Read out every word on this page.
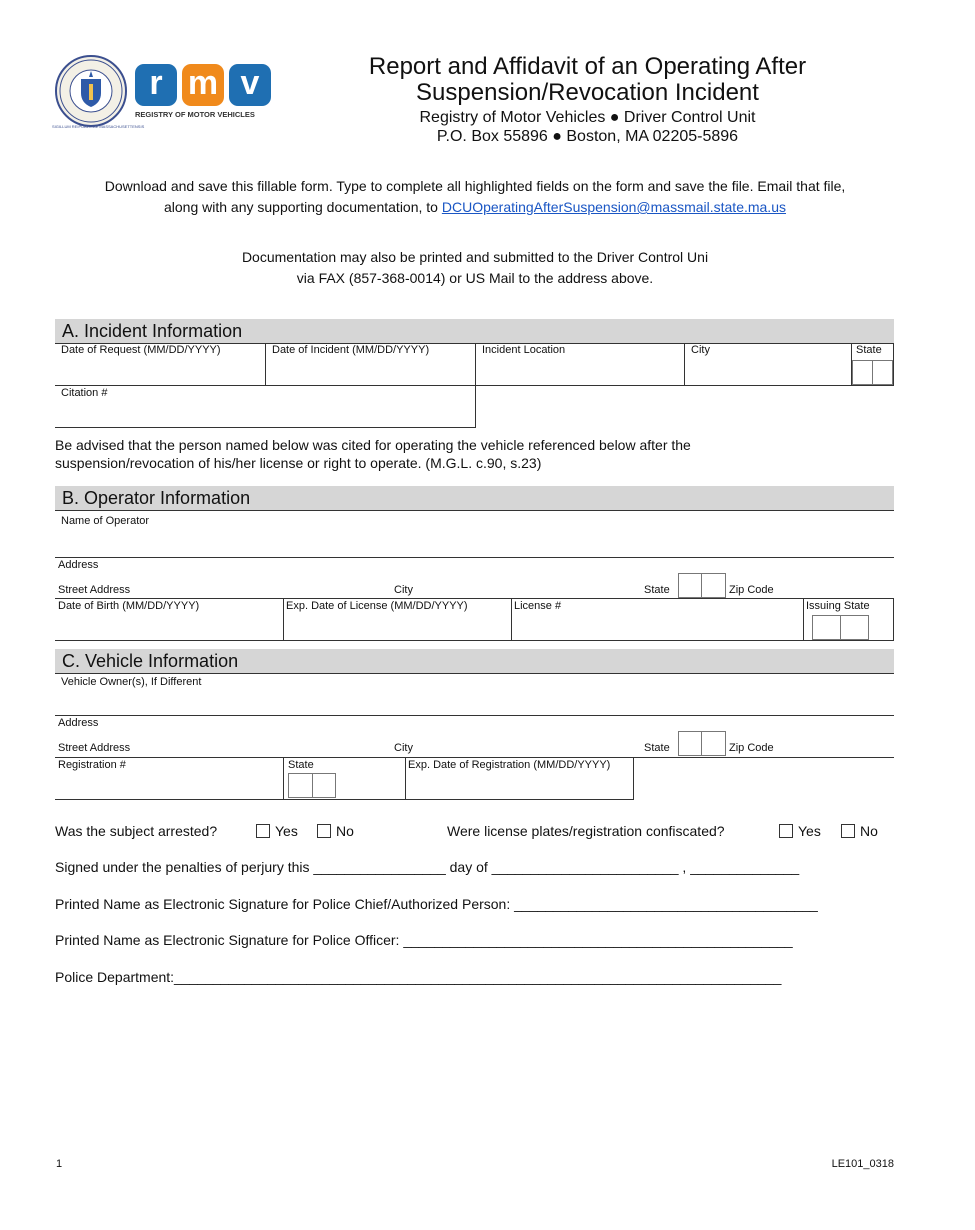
SIGILLUM REIPUBLICAE MASSACHUSETTENSIS
r m v
REGISTRY OF MOTOR VEHICLES
Report and Affidavit of an Operating After
Suspension/Revocation Incident
Registry of Motor Vehicles ● Driver Control Unit
P.O. Box 55896 ● Boston, MA 02205-5896
Download and save this fillable form. Type to complete all highlighted fields on the form and save the file. Email that file,
along with any supporting documentation, to DCUOperatingAfterSuspension@massmail.state.ma.us
Documentation may also be printed and submitted to the Driver Control Uni
via FAX (857-368-0014) or US Mail to the address above.
A. Incident Information
Date of Request (MM/DD/YYYY)	Date of Incident (MM/DD/YYYY)	Incident Location	City	State
Citation #
Be advised that the person named below was cited for operating the vehicle referenced below after the
suspension/revocation of his/her license or right to operate. (M.G.L. c.90, s.23)
B. Operator Information
Name of Operator
Address
Street Address	City	State	Zip Code
Date of Birth (MM/DD/YYYY)	Exp. Date of License (MM/DD/YYYY)	License #	Issuing State
C. Vehicle Information
Vehicle Owner(s), If Different
Address
Street Address	City	State	Zip Code
Registration #	State	Exp. Date of Registration (MM/DD/YYYY)
Was the subject arrested?	Yes	No	Were license plates/registration confiscated?	Yes	No
Signed under the penalties of perjury this _________________ day of ________________________ , ______________
Printed Name as Electronic Signature for Police Chief/Authorized Person: _______________________________________
Printed Name as Electronic Signature for Police Officer: __________________________________________________
Police Department:______________________________________________________________________________
1	LE101_0318
